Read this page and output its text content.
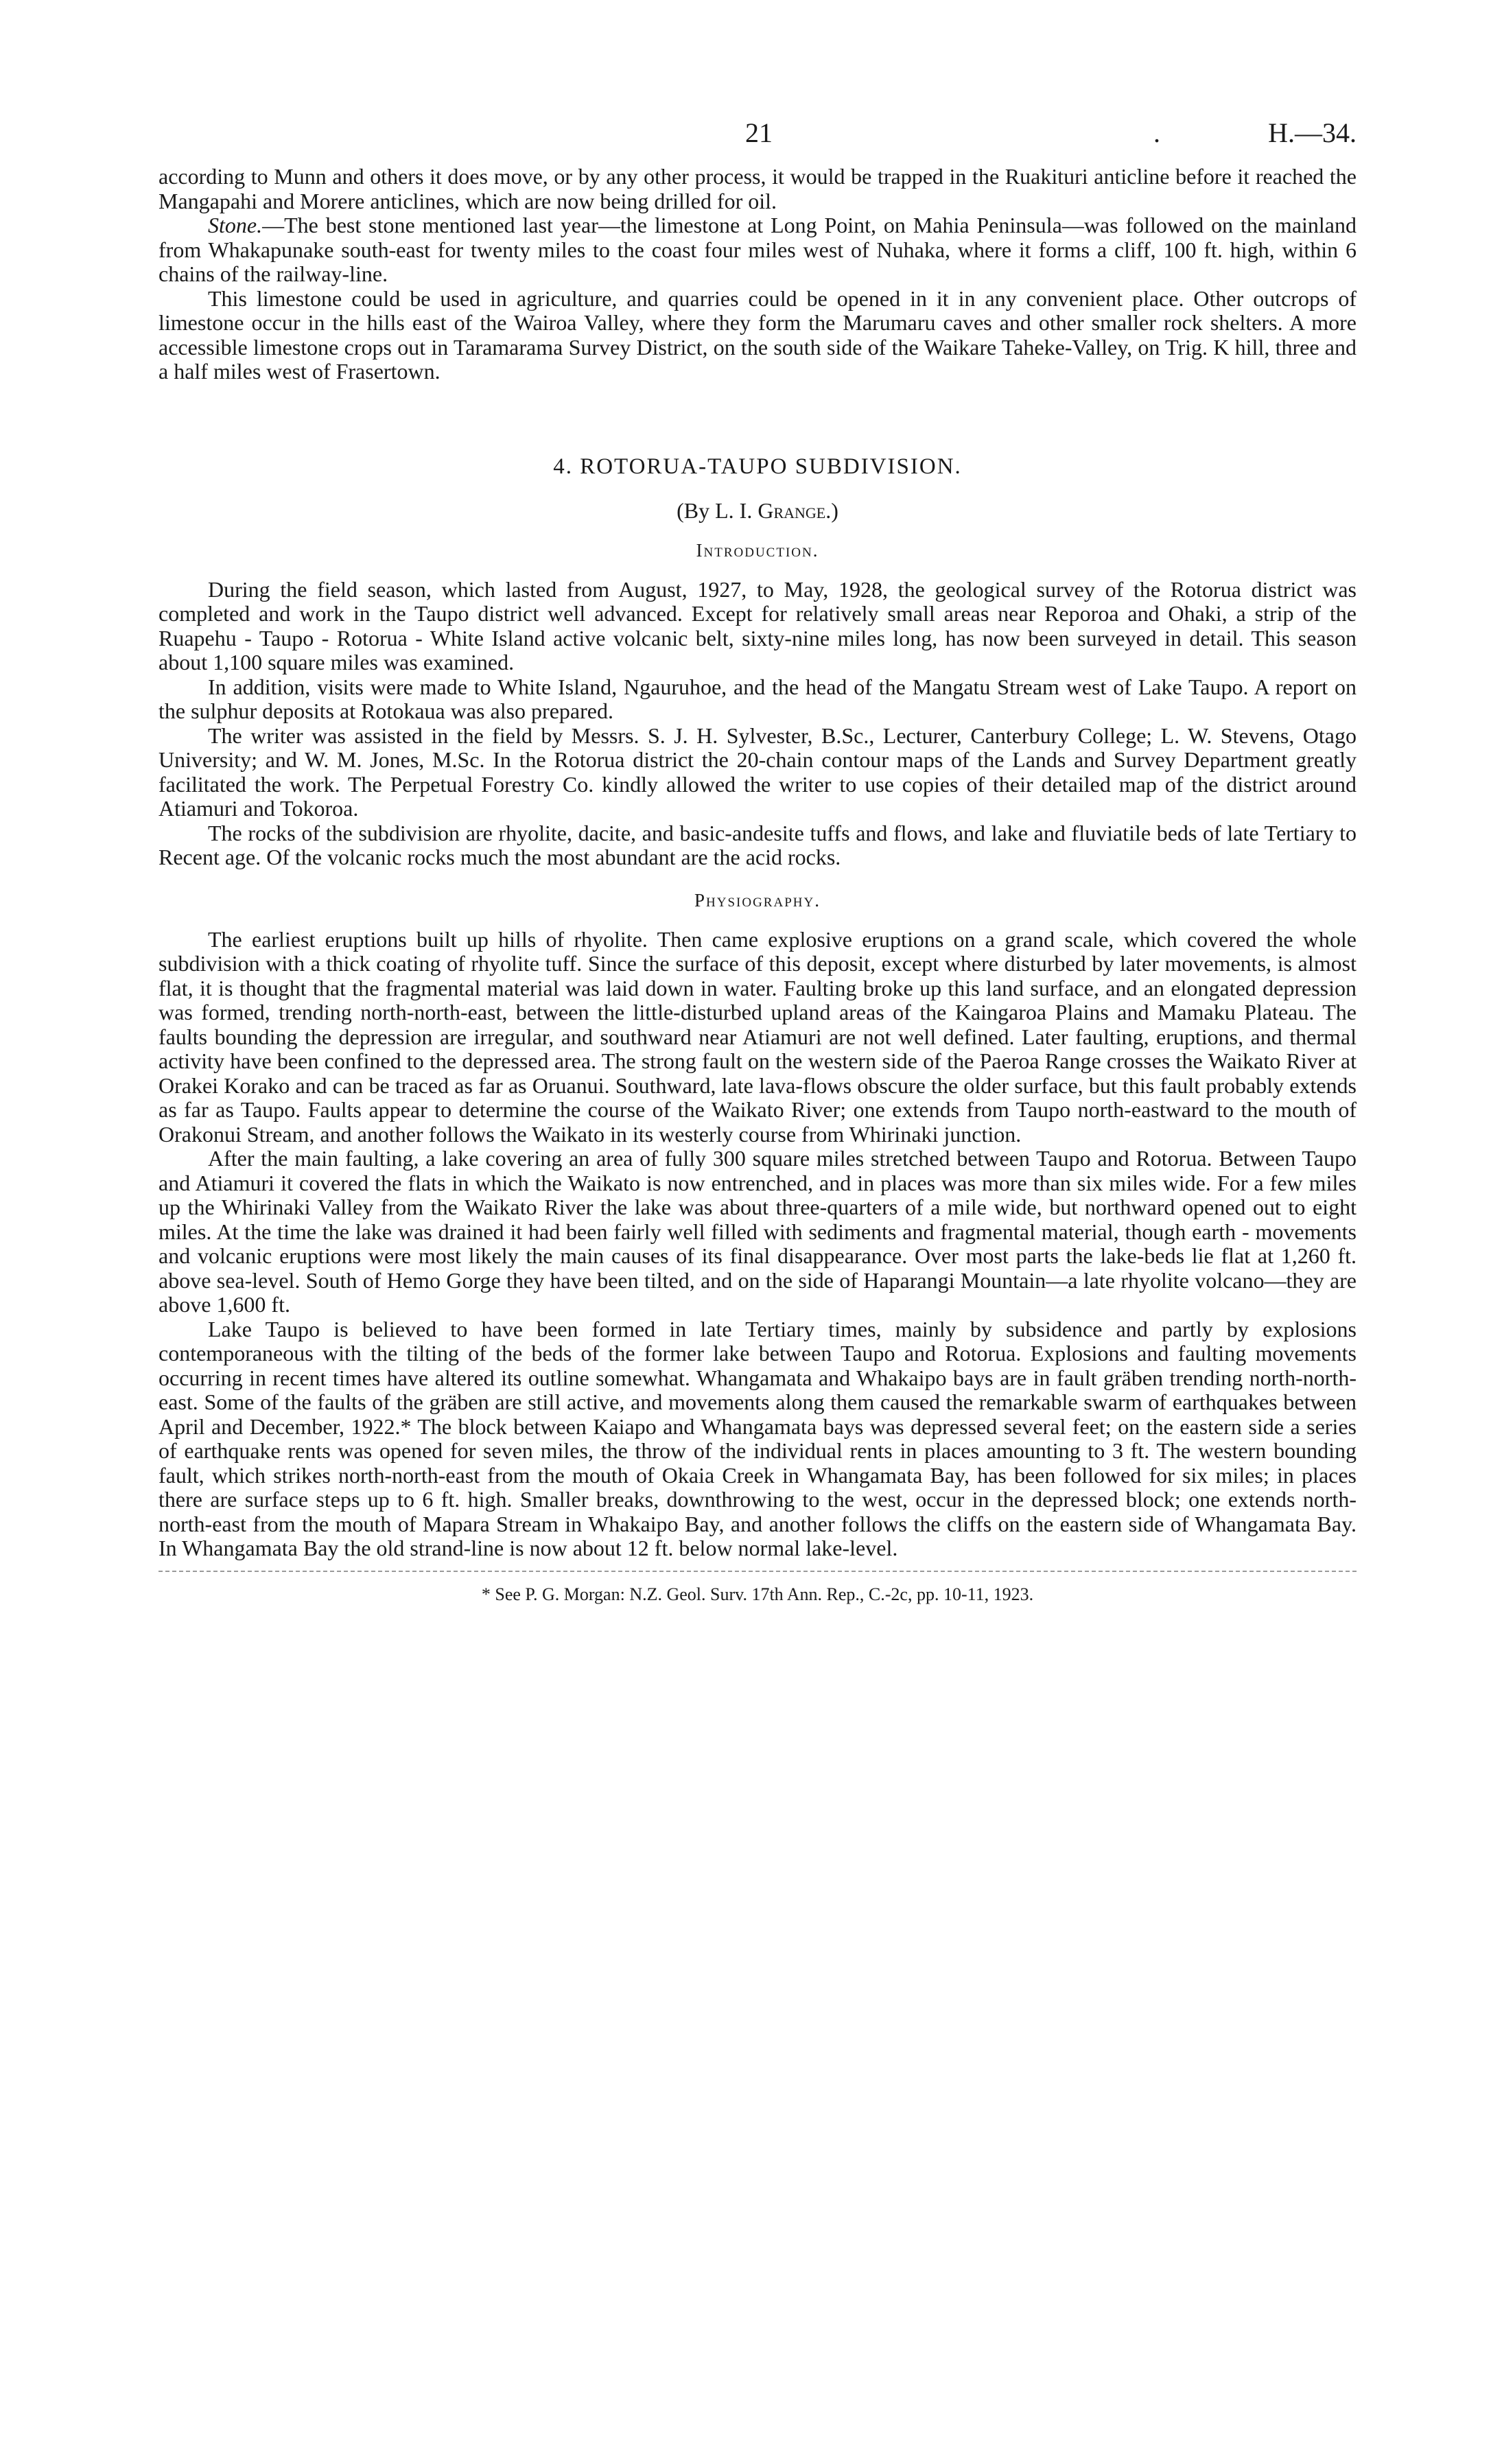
21	.	H.—34.

according to Munn and others it does move, or by any other process, it would be trapped in the Ruakituri anticline before it reached the Mangapahi and Morere anticlines, which are now being drilled for oil.

Stone.—The best stone mentioned last year—the limestone at Long Point, on Mahia Peninsula—was followed on the mainland from Whakapunake south-east for twenty miles to the coast four miles west of Nuhaka, where it forms a cliff, 100 ft. high, within 6 chains of the railway-line.

This limestone could be used in agriculture, and quarries could be opened in it in any convenient place. Other outcrops of limestone occur in the hills east of the Wairoa Valley, where they form the Marumaru caves and other smaller rock shelters. A more accessible limestone crops out in Taramarama Survey District, on the south side of the Waikare Taheke-Valley, on Trig. K hill, three and a half miles west of Frasertown.

4. ROTORUA-TAUPO SUBDIVISION.
(By L. I. Grange.)
Introduction.

During the field season, which lasted from August, 1927, to May, 1928, the geological survey of the Rotorua district was completed and work in the Taupo district well advanced. Except for relatively small areas near Reporoa and Ohaki, a strip of the Ruapehu - Taupo - Rotorua - White Island active volcanic belt, sixty-nine miles long, has now been surveyed in detail. This season about 1,100 square miles was examined.

In addition, visits were made to White Island, Ngauruhoe, and the head of the Mangatu Stream west of Lake Taupo. A report on the sulphur deposits at Rotokaua was also prepared.

The writer was assisted in the field by Messrs. S. J. H. Sylvester, B.Sc., Lecturer, Canterbury College; L. W. Stevens, Otago University; and W. M. Jones, M.Sc. In the Rotorua district the 20-chain contour maps of the Lands and Survey Department greatly facilitated the work. The Perpetual Forestry Co. kindly allowed the writer to use copies of their detailed map of the district around Atiamuri and Tokoroa.

The rocks of the subdivision are rhyolite, dacite, and basic-andesite tuffs and flows, and lake and fluviatile beds of late Tertiary to Recent age. Of the volcanic rocks much the most abundant are the acid rocks.

Physiography.

The earliest eruptions built up hills of rhyolite. Then came explosive eruptions on a grand scale, which covered the whole subdivision with a thick coating of rhyolite tuff. Since the surface of this deposit, except where disturbed by later movements, is almost flat, it is thought that the fragmental material was laid down in water. Faulting broke up this land surface, and an elongated depression was formed, trending north-north-east, between the little-disturbed upland areas of the Kaingaroa Plains and Mamaku Plateau. The faults bounding the depression are irregular, and southward near Atiamuri are not well defined. Later faulting, eruptions, and thermal activity have been confined to the depressed area. The strong fault on the western side of the Paeroa Range crosses the Waikato River at Orakei Korako and can be traced as far as Oruanui. Southward, late lava-flows obscure the older surface, but this fault probably extends as far as Taupo. Faults appear to determine the course of the Waikato River; one extends from Taupo north-eastward to the mouth of Orakonui Stream, and another follows the Waikato in its westerly course from Whirinaki junction.

After the main faulting, a lake covering an area of fully 300 square miles stretched between Taupo and Rotorua. Between Taupo and Atiamuri it covered the flats in which the Waikato is now entrenched, and in places was more than six miles wide. For a few miles up the Whirinaki Valley from the Waikato River the lake was about three-quarters of a mile wide, but northward opened out to eight miles. At the time the lake was drained it had been fairly well filled with sediments and fragmental material, though earth - movements and volcanic eruptions were most likely the main causes of its final disappearance. Over most parts the lake-beds lie flat at 1,260 ft. above sea-level. South of Hemo Gorge they have been tilted, and on the side of Haparangi Mountain—a late rhyolite volcano—they are above 1,600 ft.

Lake Taupo is believed to have been formed in late Tertiary times, mainly by subsidence and partly by explosions contemporaneous with the tilting of the beds of the former lake between Taupo and Rotorua. Explosions and faulting movements occurring in recent times have altered its outline somewhat. Whangamata and Whakaipo bays are in fault gräben trending north-north-east. Some of the faults of the gräben are still active, and movements along them caused the remarkable swarm of earthquakes between April and December, 1922.* The block between Kaiapo and Whangamata bays was depressed several feet; on the eastern side a series of earthquake rents was opened for seven miles, the throw of the individual rents in places amounting to 3 ft. The western bounding fault, which strikes north-north-east from the mouth of Okaia Creek in Whangamata Bay, has been followed for six miles; in places there are surface steps up to 6 ft. high. Smaller breaks, downthrowing to the west, occur in the depressed block; one extends north-north-east from the mouth of Mapara Stream in Whakaipo Bay, and another follows the cliffs on the eastern side of Whangamata Bay. In Whangamata Bay the old strand-line is now about 12 ft. below normal lake-level.

* See P. G. Morgan: N.Z. Geol. Surv. 17th Ann. Rep., C.-2c, pp. 10-11, 1923.
